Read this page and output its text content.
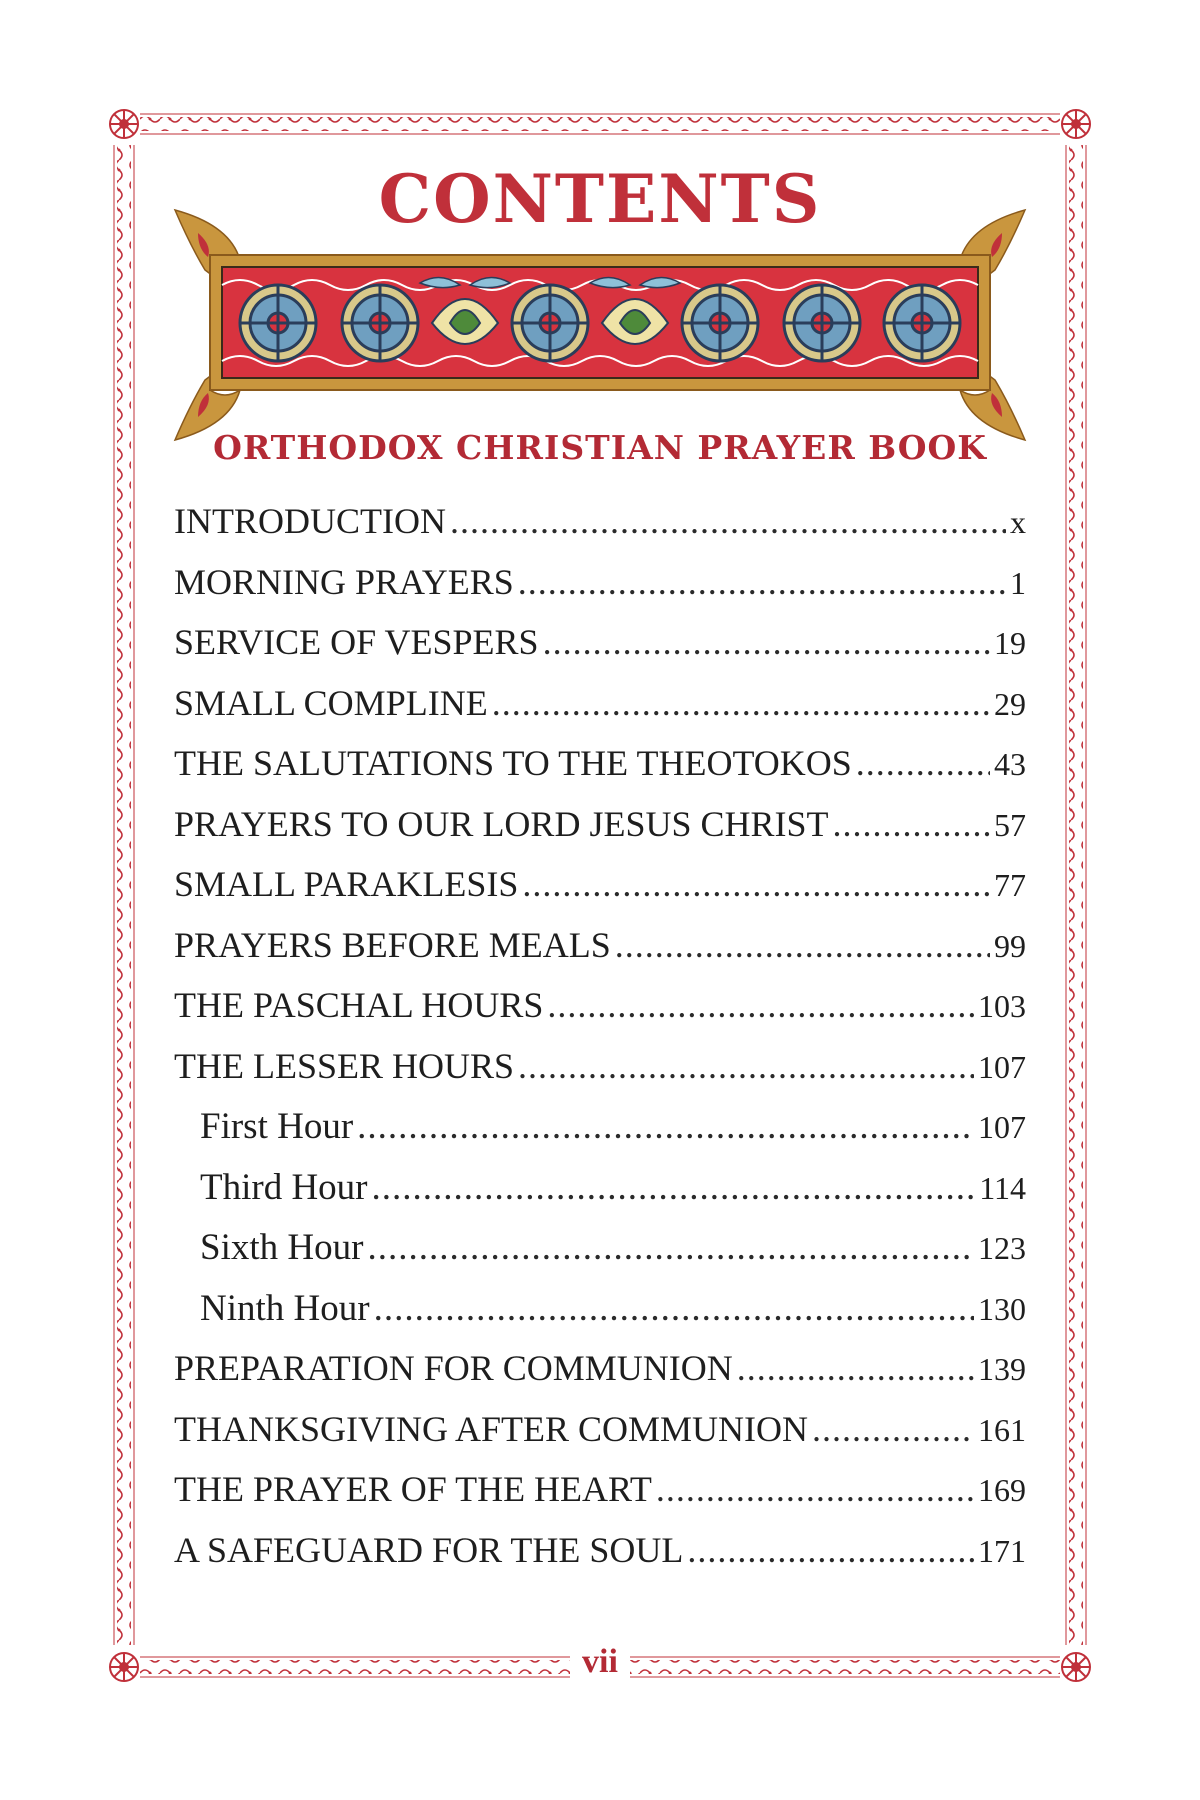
CONTENTS
ORTHODOX CHRISTIAN PRAYER BOOK
INTRODUCTION .....	x
MORNING PRAYERS .....	1
SERVICE OF VESPERS .....	19
SMALL COMPLINE .....	29
THE SALUTATIONS TO THE THEOTOKOS .....	43
PRAYERS TO OUR LORD JESUS CHRIST .....	57
SMALL PARAKLESIS .....	77
PRAYERS BEFORE MEALS .....	99
THE PASCHAL HOURS .....	103
THE LESSER HOURS .....	107
First Hour .....	107
Third Hour .....	114
Sixth Hour .....	123
Ninth Hour .....	130
PREPARATION FOR COMMUNION .....	139
THANKSGIVING AFTER COMMUNION .....	161
THE PRAYER OF THE HEART .....	169
A SAFEGUARD FOR THE SOUL .....	171
vii
